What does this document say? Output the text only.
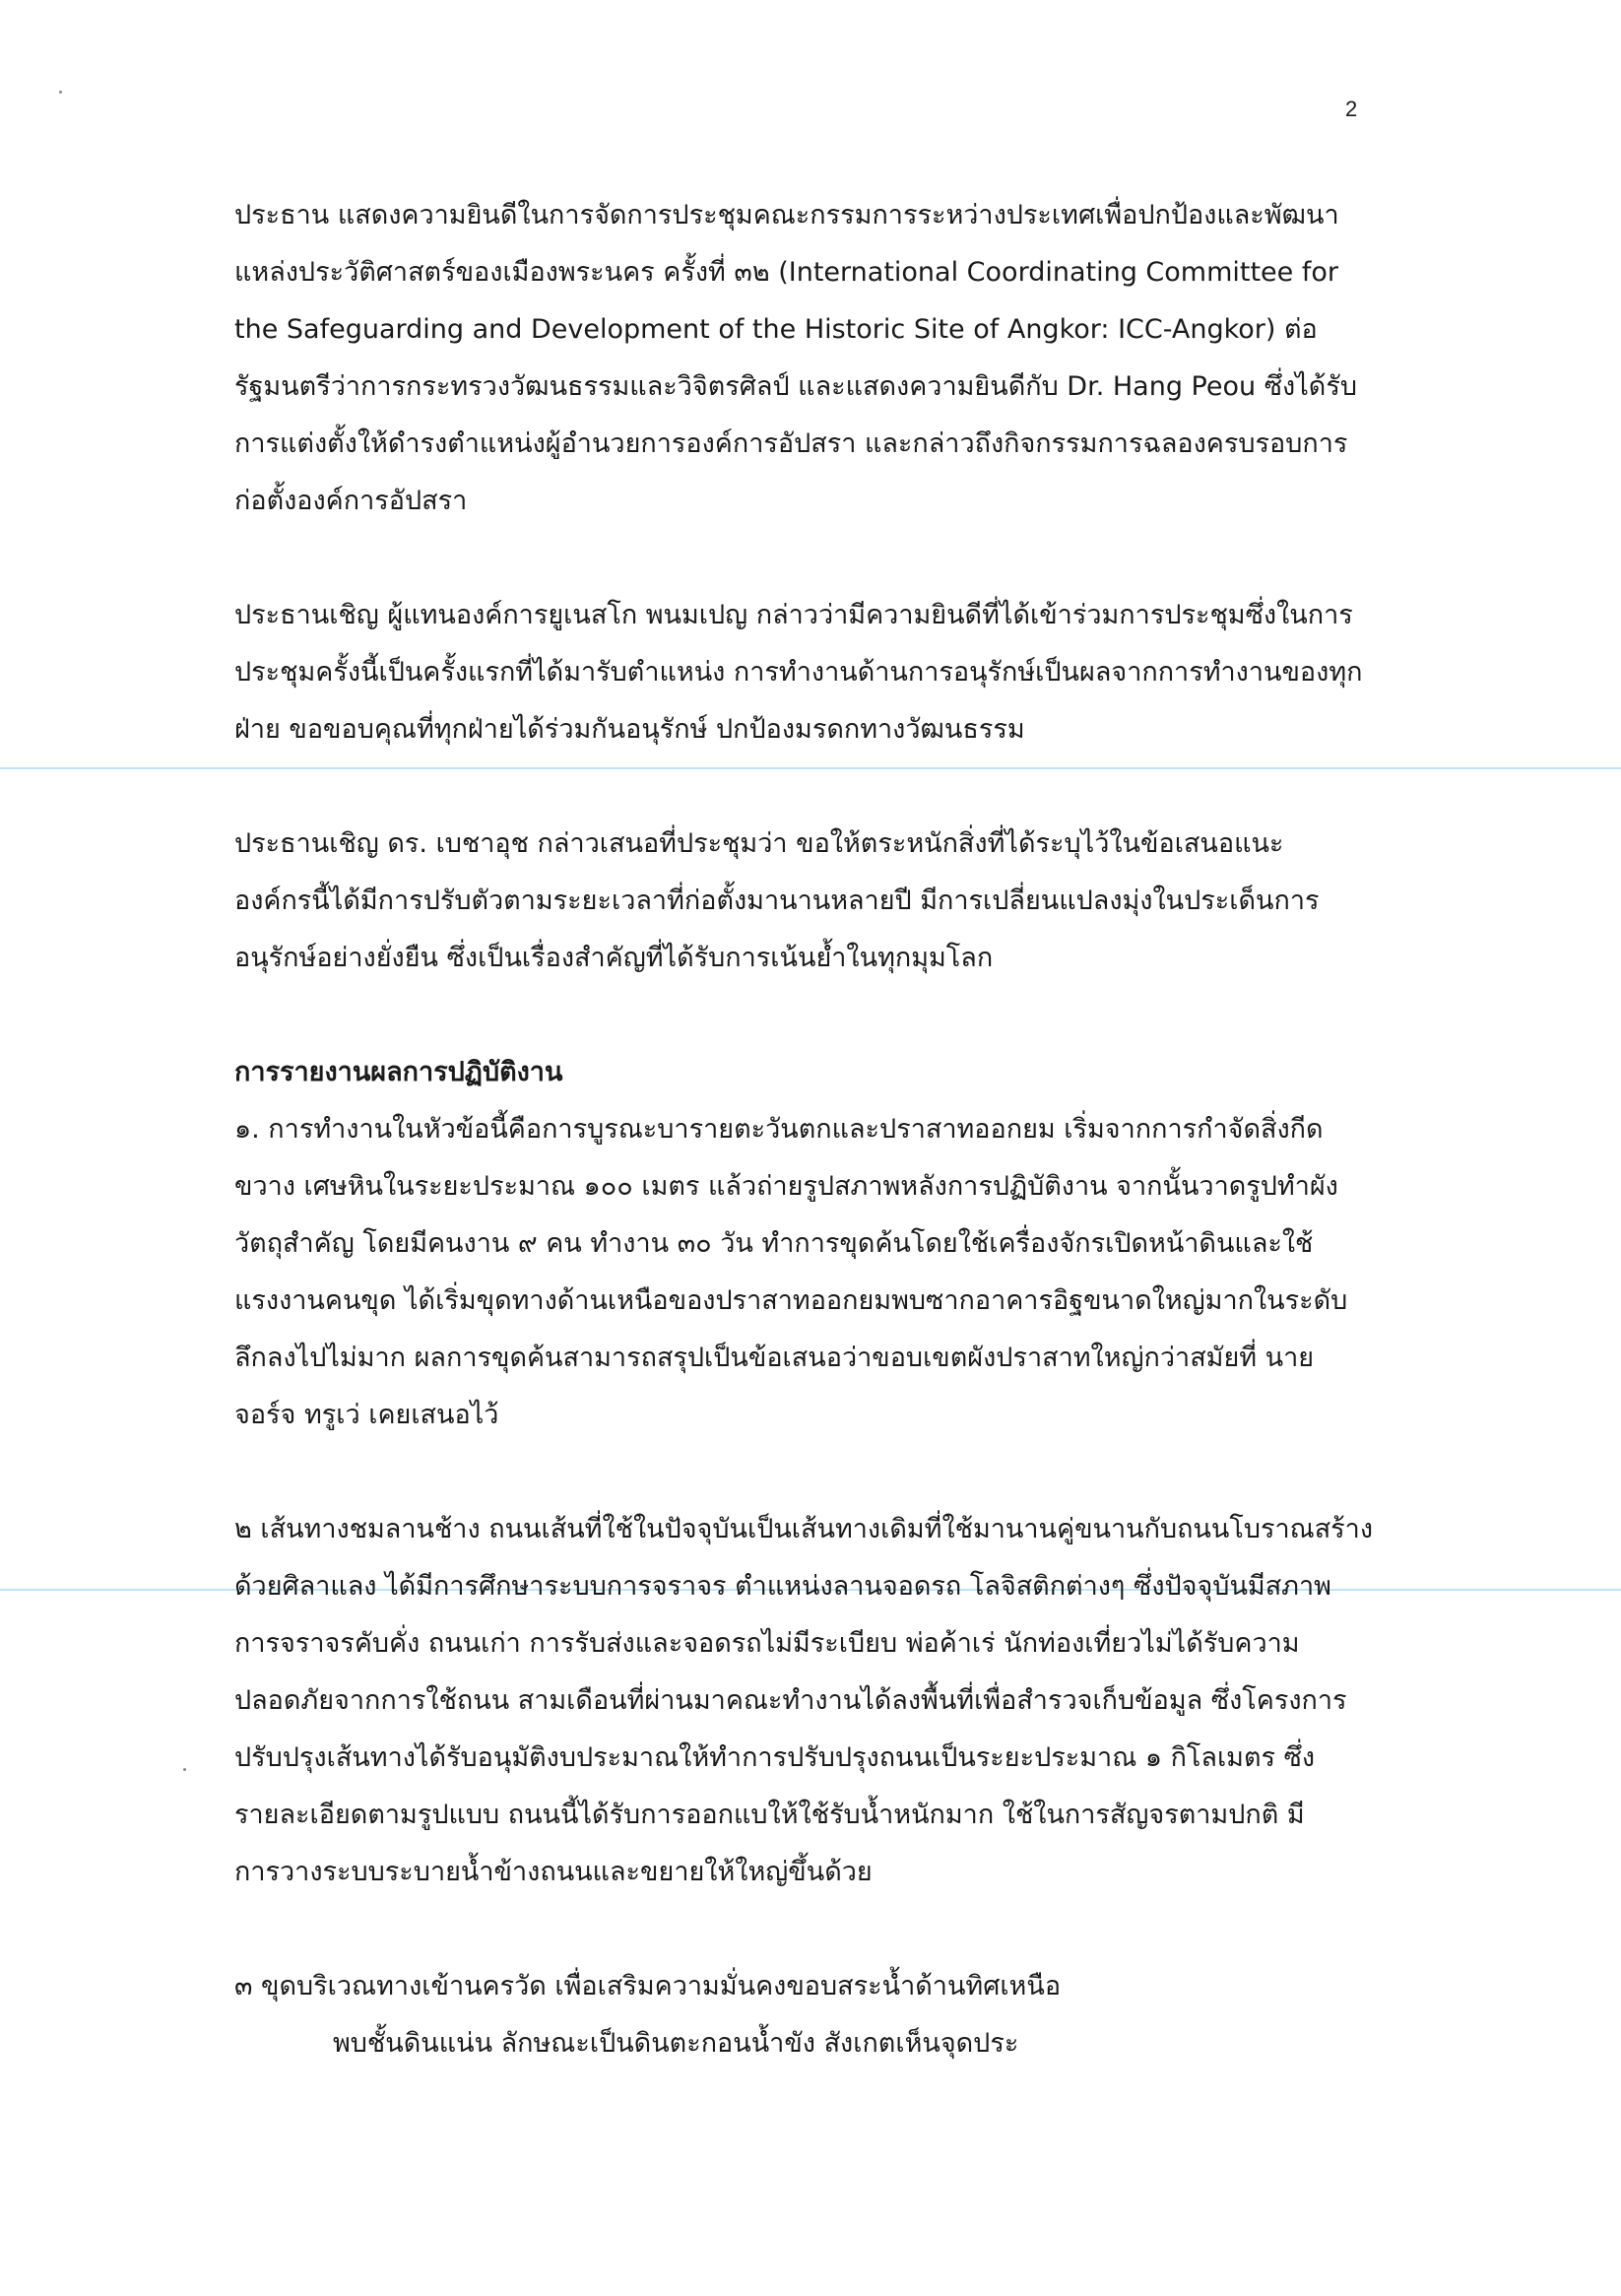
2

ประธาน แสดงความยินดีในการจัดการประชุมคณะกรรมการระหว่างประเทศเพื่อปกป้องและพัฒนา
แหล่งประวัติศาสตร์ของเมืองพระนคร ครั้งที่ ๓๒ (International Coordinating Committee for
the Safeguarding and Development of the Historic Site of Angkor: ICC-Angkor) ต่อ
รัฐมนตรีว่าการกระทรวงวัฒนธรรมและวิจิตรศิลป์ และแสดงความยินดีกับ Dr. Hang Peou ซึ่งได้รับ
การแต่งตั้งให้ดำรงตำแหน่งผู้อำนวยการองค์การอัปสรา และกล่าวถึงกิจกรรมการฉลองครบรอบการ
ก่อตั้งองค์การอัปสรา

ประธานเชิญ ผู้แทนองค์การยูเนสโก พนมเปญ กล่าวว่ามีความยินดีที่ได้เข้าร่วมการประชุมซึ่งในการ
ประชุมครั้งนี้เป็นครั้งแรกที่ได้มารับตำแหน่ง การทำงานด้านการอนุรักษ์เป็นผลจากการทำงานของทุก
ฝ่าย ขอขอบคุณที่ทุกฝ่ายได้ร่วมกันอนุรักษ์ ปกป้องมรดกทางวัฒนธรรม

ประธานเชิญ ดร. เบชาอุช กล่าวเสนอที่ประชุมว่า ขอให้ตระหนักสิ่งที่ได้ระบุไว้ในข้อเสนอแนะ
องค์กรนี้ได้มีการปรับตัวตามระยะเวลาที่ก่อตั้งมานานหลายปี มีการเปลี่ยนแปลงมุ่งในประเด็นการ
อนุรักษ์อย่างยั่งยืน ซึ่งเป็นเรื่องสำคัญที่ได้รับการเน้นย้ำในทุกมุมโลก

การรายงานผลการปฏิบัติงาน

๑. การทำงานในหัวข้อนี้คือการบูรณะบารายตะวันตกและปราสาทออกยม เริ่มจากการกำจัดสิ่งกีด
ขวาง เศษหินในระยะประมาณ ๑๐๐ เมตร แล้วถ่ายรูปสภาพหลังการปฏิบัติงาน จากนั้นวาดรูปทำผัง
วัตถุสำคัญ โดยมีคนงาน ๙ คน ทำงาน ๓๐ วัน ทำการขุดค้นโดยใช้เครื่องจักรเปิดหน้าดินและใช้
แรงงานคนขุด ได้เริ่มขุดทางด้านเหนือของปราสาทออกยมพบซากอาคารอิฐขนาดใหญ่มากในระดับ
ลึกลงไปไม่มาก ผลการขุดค้นสามารถสรุปเป็นข้อเสนอว่าขอบเขตผังปราสาทใหญ่กว่าสมัยที่ นาย
จอร์จ ทรูเว่ เคยเสนอไว้

๒ เส้นทางชมลานช้าง ถนนเส้นที่ใช้ในปัจจุบันเป็นเส้นทางเดิมที่ใช้มานานคู่ขนานกับถนนโบราณสร้าง
ด้วยศิลาแลง ได้มีการศึกษาระบบการจราจร ตำแหน่งลานจอดรถ โลจิสติกต่างๆ ซึ่งปัจจุบันมีสภาพ
การจราจรคับคั่ง ถนนเก่า การรับส่งและจอดรถไม่มีระเบียบ พ่อค้าเร่ นักท่องเที่ยวไม่ได้รับความ
ปลอดภัยจากการใช้ถนน สามเดือนที่ผ่านมาคณะทำงานได้ลงพื้นที่เพื่อสำรวจเก็บข้อมูล ซึ่งโครงการ
ปรับปรุงเส้นทางได้รับอนุมัติงบประมาณให้ทำการปรับปรุงถนนเป็นระยะประมาณ ๑ กิโลเมตร ซึ่ง
รายละเอียดตามรูปแบบ ถนนนี้ได้รับการออกแบให้ใช้รับน้ำหนักมาก ใช้ในการสัญจรตามปกติ มี
การวางระบบระบายน้ำข้างถนนและขยายให้ใหญ่ขึ้นด้วย

๓ ขุดบริเวณทางเข้านครวัด เพื่อเสริมความมั่นคงขอบสระน้ำด้านทิศเหนือ
พบชั้นดินแน่น ลักษณะเป็นดินตะกอนน้ำขัง สังเกตเห็นจุดประ
